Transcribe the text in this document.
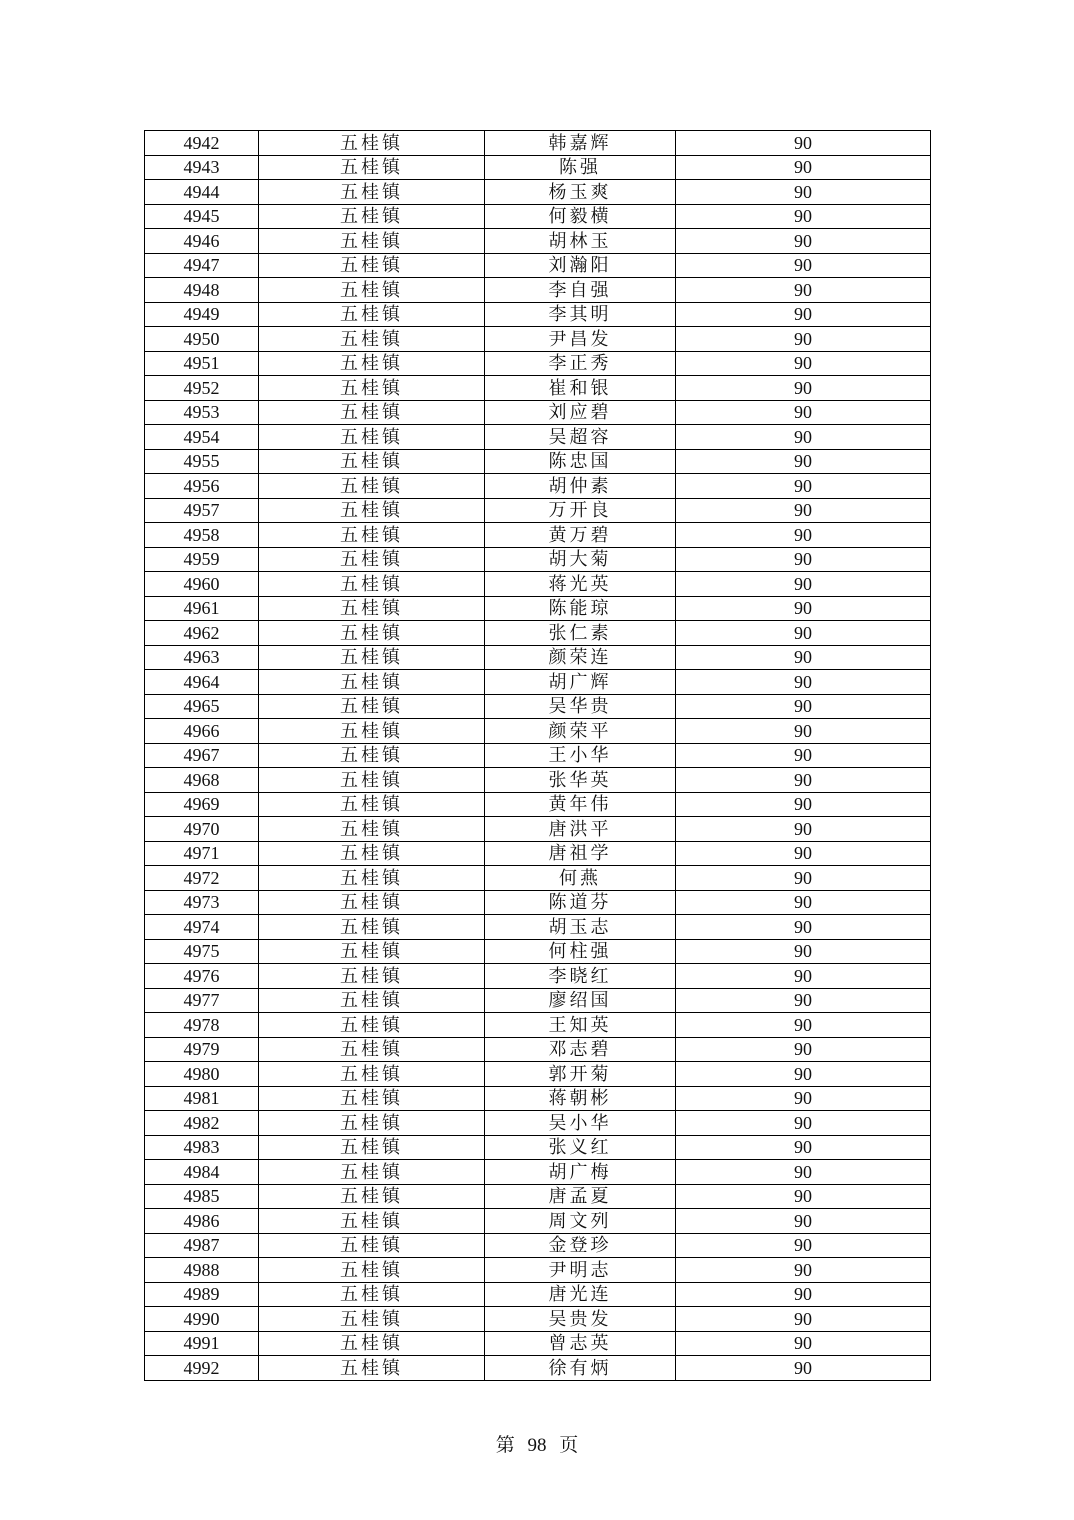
4942	五桂镇	韩嘉辉	90
4943	五桂镇	陈强	90
4944	五桂镇	杨玉爽	90
4945	五桂镇	何毅横	90
4946	五桂镇	胡林玉	90
4947	五桂镇	刘瀚阳	90
4948	五桂镇	李自强	90
4949	五桂镇	李其明	90
4950	五桂镇	尹昌发	90
4951	五桂镇	李正秀	90
4952	五桂镇	崔和银	90
4953	五桂镇	刘应碧	90
4954	五桂镇	吴超容	90
4955	五桂镇	陈忠国	90
4956	五桂镇	胡仲素	90
4957	五桂镇	万开良	90
4958	五桂镇	黄万碧	90
4959	五桂镇	胡大菊	90
4960	五桂镇	蒋光英	90
4961	五桂镇	陈能琼	90
4962	五桂镇	张仁素	90
4963	五桂镇	颜荣连	90
4964	五桂镇	胡广辉	90
4965	五桂镇	吴华贵	90
4966	五桂镇	颜荣平	90
4967	五桂镇	王小华	90
4968	五桂镇	张华英	90
4969	五桂镇	黄年伟	90
4970	五桂镇	唐洪平	90
4971	五桂镇	唐祖学	90
4972	五桂镇	何燕	90
4973	五桂镇	陈道芬	90
4974	五桂镇	胡玉志	90
4975	五桂镇	何柱强	90
4976	五桂镇	李晓红	90
4977	五桂镇	廖绍国	90
4978	五桂镇	王知英	90
4979	五桂镇	邓志碧	90
4980	五桂镇	郭开菊	90
4981	五桂镇	蒋朝彬	90
4982	五桂镇	吴小华	90
4983	五桂镇	张义红	90
4984	五桂镇	胡广梅	90
4985	五桂镇	唐孟夏	90
4986	五桂镇	周文列	90
4987	五桂镇	金登珍	90
4988	五桂镇	尹明志	90
4989	五桂镇	唐光连	90
4990	五桂镇	吴贵发	90
4991	五桂镇	曾志英	90
4992	五桂镇	徐有炳	90
第 98 页
